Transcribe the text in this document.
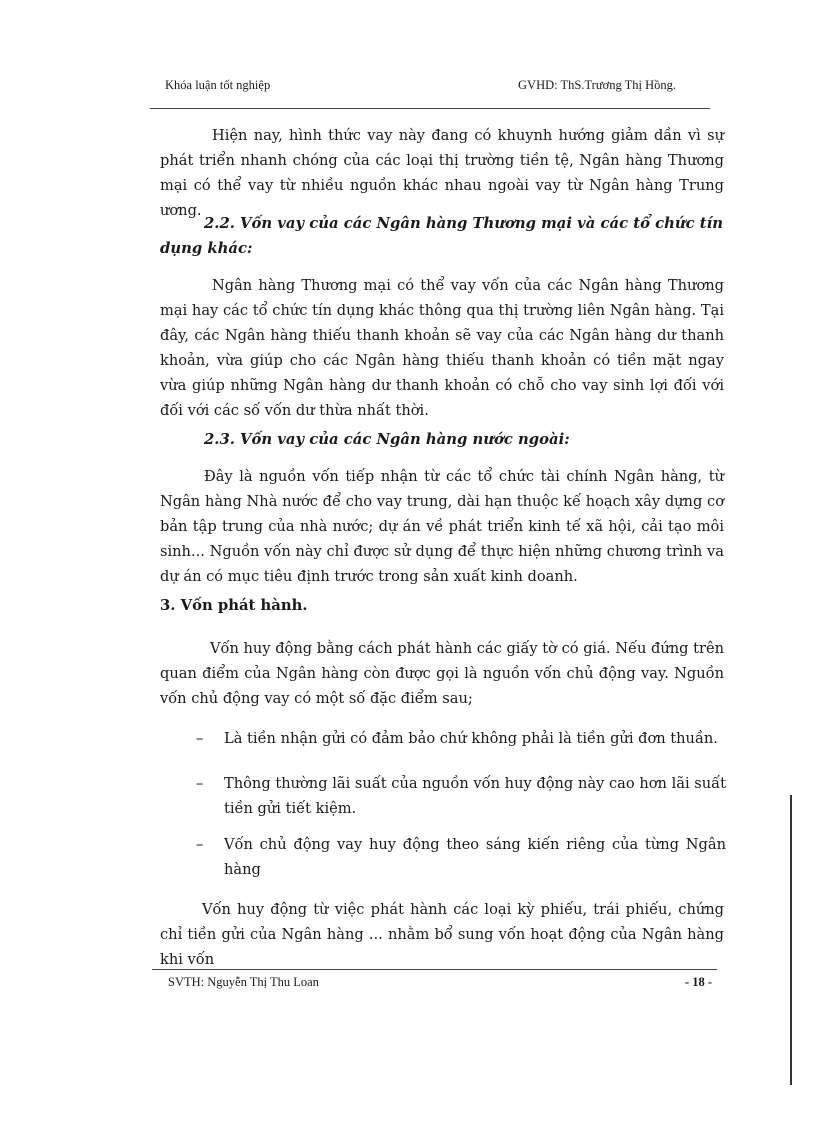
Khóa luận tốt nghiệp	GVHD: ThS.Trương Thị Hồng.

Hiện nay, hình thức vay này đang có khuynh hướng giảm dần vì sự phát triển nhanh chóng của các loại thị trường tiền tệ, Ngân hàng Thương mại có thể vay từ nhiều nguồn khác nhau ngoài vay từ Ngân hàng Trung ương.

2.2. Vốn vay của các Ngân hàng Thương mại và các tổ chức tín dụng khác:

Ngân hàng Thương mại có thể vay vốn của các Ngân hàng Thương mại hay các tổ chức tín dụng khác thông qua thị trường liên Ngân hàng. Tại đây, các Ngân hàng thiếu thanh khoản sẽ vay của các Ngân hàng dư thanh khoản, vừa giúp cho các Ngân hàng thiếu thanh khoản có tiền mặt ngay vừa giúp những Ngân hàng dư thanh khoản có chỗ cho vay sinh lợi đối với đối với các số vốn dư thừa nhất thời.

2.3. Vốn vay của các Ngân hàng nước ngoài:

Đây là nguồn vốn tiếp nhận từ các tổ chức tài chính Ngân hàng, từ Ngân hàng Nhà nước để cho vay trung, dài hạn thuộc kế hoạch xây dựng cơ bản tập trung của nhà nước; dự án về phát triển kinh tế xã hội, cải tạo môi sinh... Nguồn vốn này chỉ được sử dụng để thực hiện những chương trình va dự án có mục tiêu định trước trong sản xuất kinh doanh.

3. Vốn phát hành.

Vốn huy động bằng cách phát hành các giấy tờ có giá. Nếu đứng trên quan điểm của Ngân hàng còn được gọi là nguồn vốn chủ động vay. Nguồn vốn chủ động vay có một số đặc điểm sau;

– Là tiền nhận gửi có đảm bảo chứ không phải là tiền gửi đơn thuần.

– Thông thường lãi suất của nguồn vốn huy động này cao hơn lãi suất tiền gửi tiết kiệm.

– Vốn chủ động vay huy động theo sáng kiến riêng của từng Ngân hàng

Vốn huy động từ việc phát hành các loại kỳ phiếu, trái phiếu, chứng chỉ tiền gửi của Ngân hàng ... nhằm bổ sung vốn hoạt động của Ngân hàng khi vốn

SVTH: Nguyễn Thị Thu Loan	- 18 -
